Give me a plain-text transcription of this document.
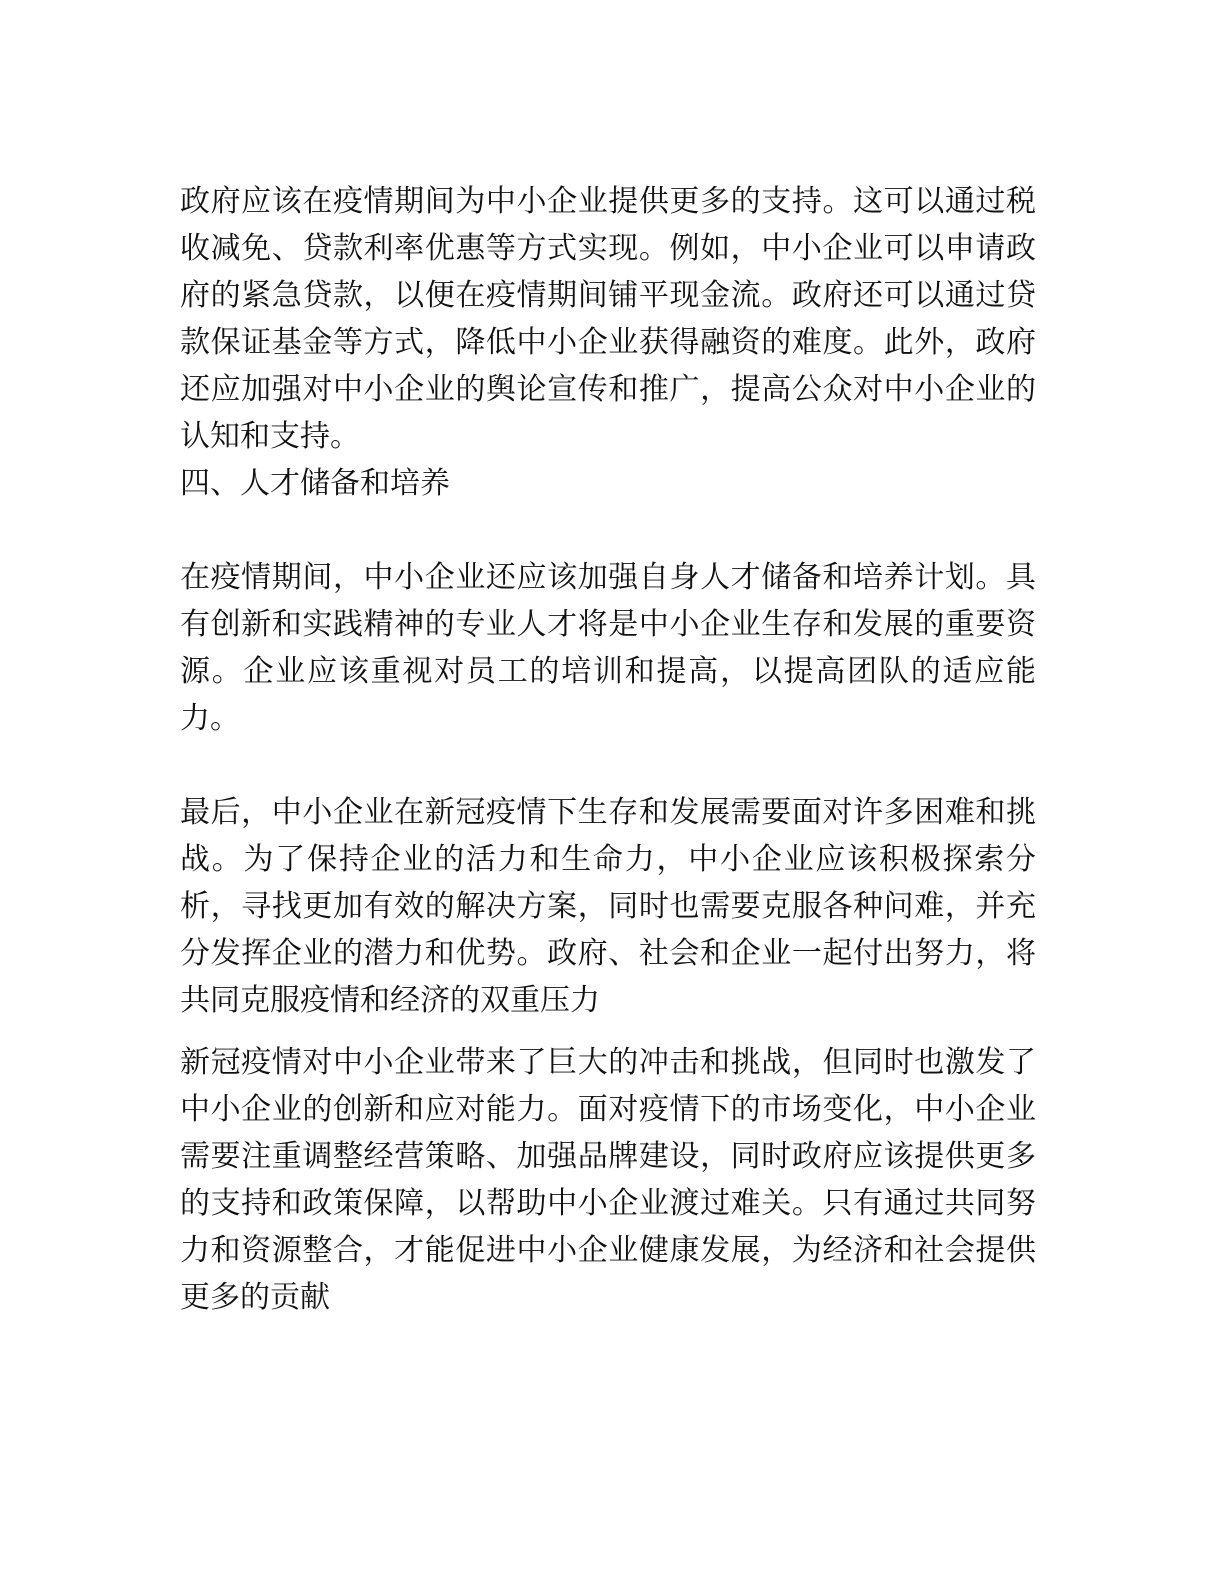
政府应该在疫情期间为中小企业提供更多的支持。这可以通过税收减免、贷款利率优惠等方式实现。例如，中小企业可以申请政府的紧急贷款，以便在疫情期间铺平现金流。政府还可以通过贷款保证基金等方式，降低中小企业获得融资的难度。此外，政府还应加强对中小企业的舆论宣传和推广，提高公众对中小企业的认知和支持。

四、人才储备和培养

在疫情期间，中小企业还应该加强自身人才储备和培养计划。具有创新和实践精神的专业人才将是中小企业生存和发展的重要资源。企业应该重视对员工的培训和提高，以提高团队的适应能力。

最后，中小企业在新冠疫情下生存和发展需要面对许多困难和挑战。为了保持企业的活力和生命力，中小企业应该积极探索分析，寻找更加有效的解决方案，同时也需要克服各种问难，并充分发挥企业的潜力和优势。政府、社会和企业一起付出努力，将共同克服疫情和经济的双重压力

新冠疫情对中小企业带来了巨大的冲击和挑战，但同时也激发了中小企业的创新和应对能力。面对疫情下的市场变化，中小企业需要注重调整经营策略、加强品牌建设，同时政府应该提供更多的支持和政策保障，以帮助中小企业渡过难关。只有通过共同努力和资源整合，才能促进中小企业健康发展，为经济和社会提供更多的贡献
